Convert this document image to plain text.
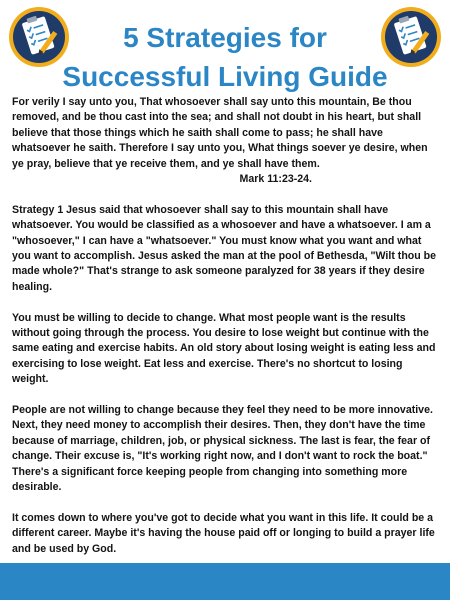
5 Strategies for
Successful Living Guide

For verily I say unto you, That whosoever shall say unto this mountain, Be thou removed, and be thou cast into the sea; and shall not doubt in his heart, but shall believe that those things which he saith shall come to pass; he shall have whatsoever he saith. Therefore I say unto you, What things soever ye desire, when ye pray, believe that ye receive them, and ye shall have them.

Mark 11:23-24.

Strategy 1 Jesus said that whosoever shall say to this mountain shall have whatsoever. You would be classified as a whosoever and have a whatsoever. I am a "whosoever," I can have a "whatsoever." You must know what you want and what you want to accomplish. Jesus asked the man at the pool of Bethesda, "Wilt thou be made whole?" That's strange to ask someone paralyzed for 38 years if they desire healing.

You must be willing to decide to change. What most people want is the results without going through the process. You desire to lose weight but continue with the same eating and exercise habits. An old story about losing weight is eating less and exercising to lose weight. Eat less and exercise. There's no shortcut to losing weight.

People are not willing to change because they feel they need to be more innovative. Next, they need money to accomplish their desires. Then, they don't have the time because of marriage, children, job, or physical sickness. The last is fear, the fear of change. Their excuse is, "It's working right now, and I don't want to rock the boat." There's a significant force keeping people from changing into something more desirable.

It comes down to where you've got to decide what you want in this life. It could be a different career. Maybe it's having the house paid off or longing to build a prayer life and be used by God.
